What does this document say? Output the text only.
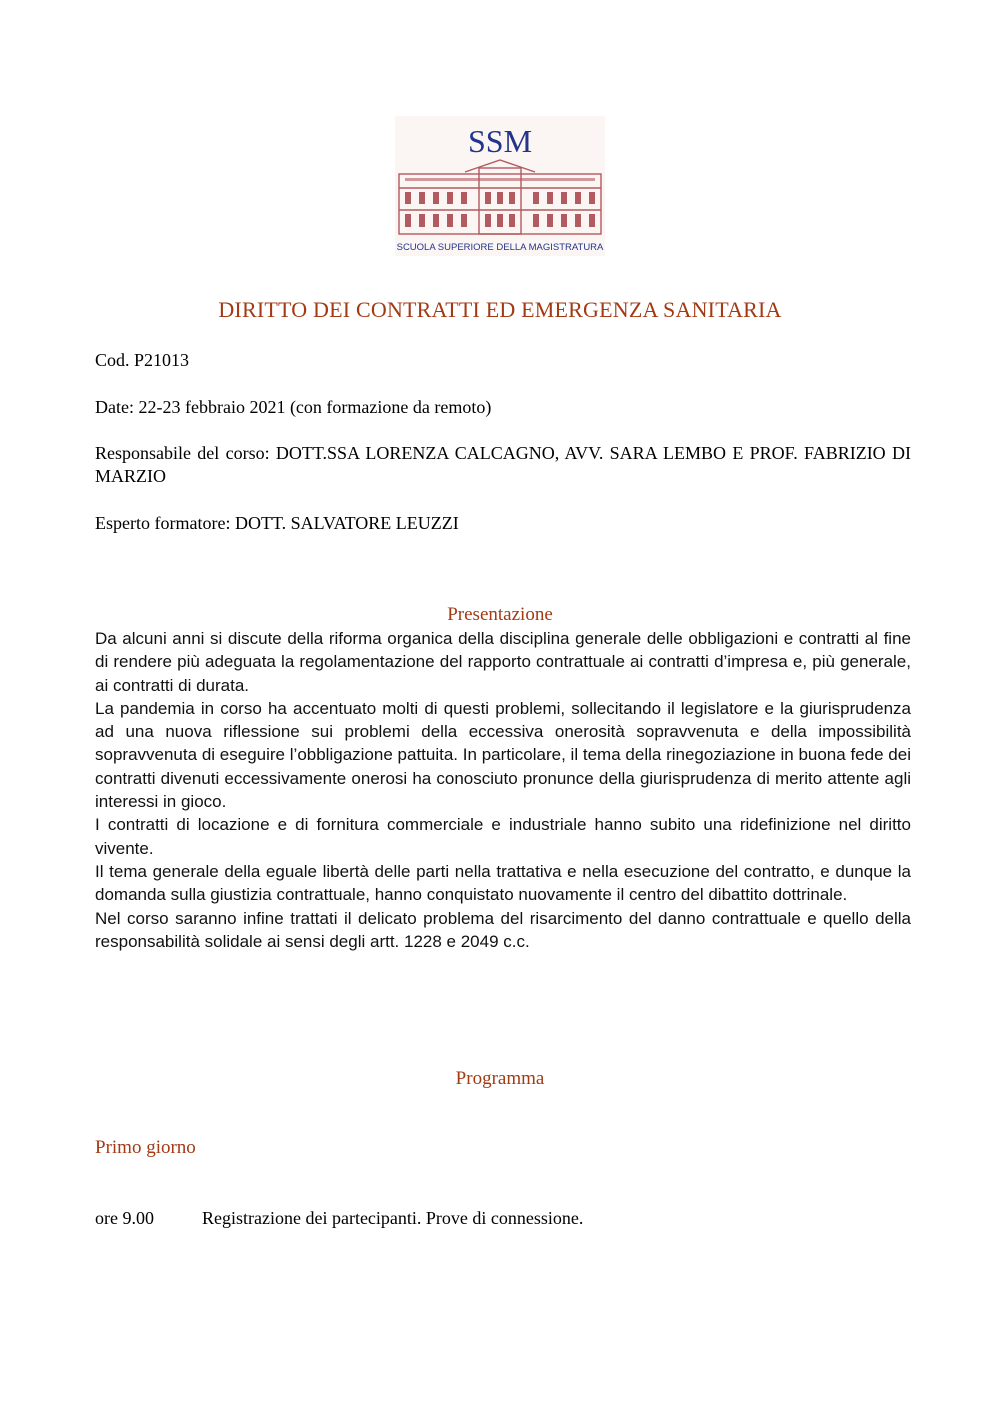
SSM
SCUOLA SUPERIORE DELLA MAGISTRATURA
DIRITTO DEI CONTRATTI ED EMERGENZA SANITARIA
Cod. P21013
Date: 22-23 febbraio 2021 (con formazione da remoto)
Responsabile del corso: DOTT.SSA LORENZA CALCAGNO, AVV. SARA LEMBO E PROF. FABRIZIO DI MARZIO
Esperto formatore: DOTT. SALVATORE LEUZZI
Presentazione

Da alcuni anni si discute della riforma organica della disciplina generale delle obbligazioni e contratti al fine di rendere più adeguata la regolamentazione del rapporto contrattuale ai contratti d’impresa e, più generale, ai contratti di durata.

La pandemia in corso ha accentuato molti di questi problemi, sollecitando il legislatore e la giurisprudenza ad una nuova riflessione sui problemi della eccessiva onerosità sopravvenuta e della impossibilità sopravvenuta di eseguire l’obbligazione pattuita. In particolare, il tema della rinegoziazione in buona fede dei contratti divenuti eccessivamente onerosi ha conosciuto pronunce della giurisprudenza di merito attente agli interessi in gioco.

I contratti di locazione e di fornitura commerciale e industriale hanno subito una ridefinizione nel diritto vivente.

Il tema generale della eguale libertà delle parti nella trattativa e nella esecuzione del contratto, e dunque la domanda sulla giustizia contrattuale, hanno conquistato nuovamente il centro del dibattito dottrinale.

Nel corso saranno infine trattati il delicato problema del risarcimento del danno contrattuale e quello della responsabilità solidale ai sensi degli artt. 1228 e 2049 c.c.

Programma
Primo giorno
ore 9.00	Registrazione dei partecipanti. Prove di connessione.
